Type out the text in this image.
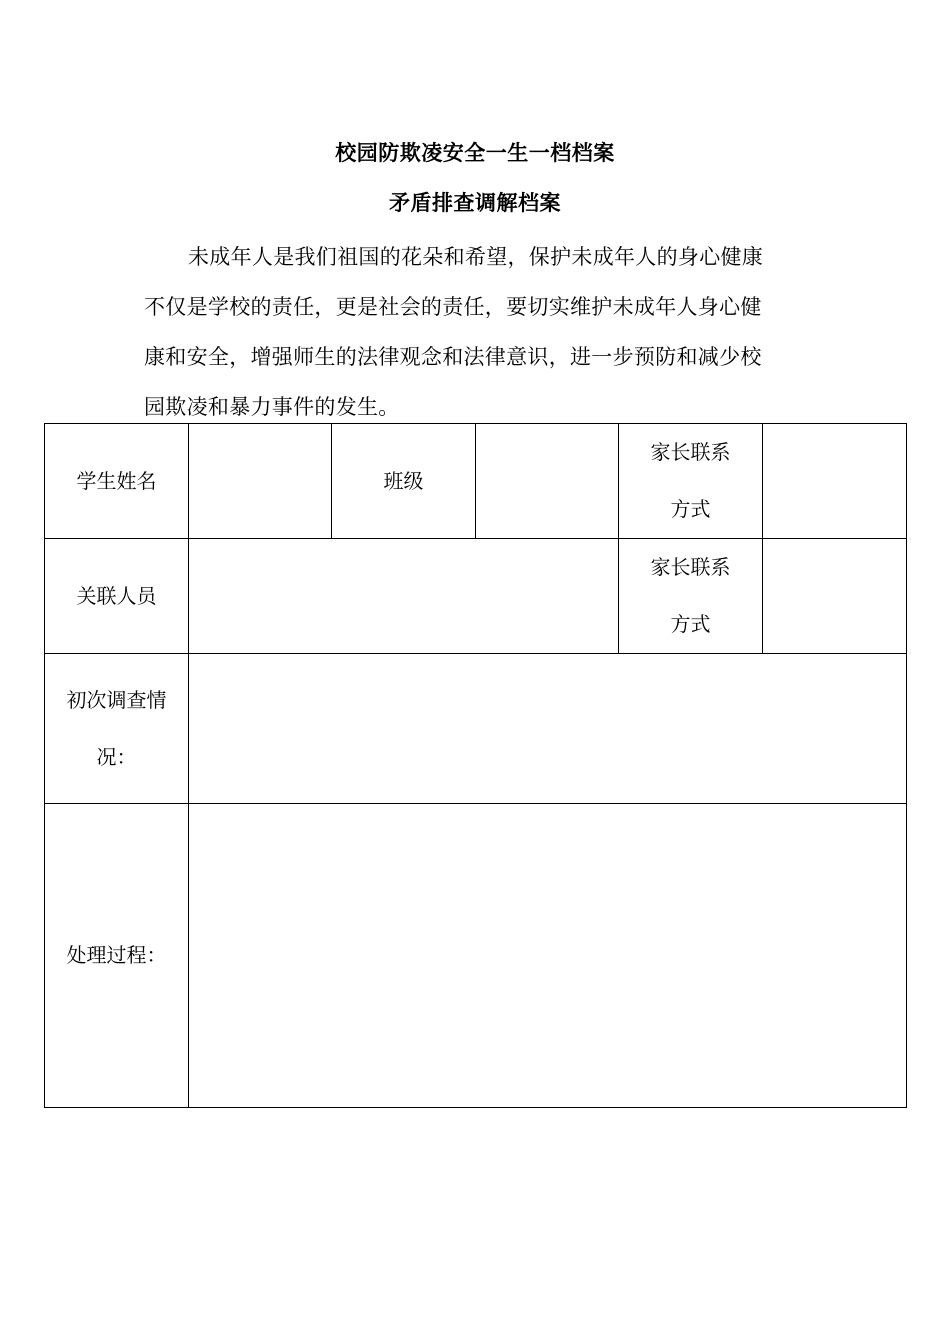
校园防欺凌安全一生一档档案
矛盾排查调解档案
未成年人是我们祖国的花朵和希望，保护未成年人的身心健康
不仅是学校的责任，更是社会的责任，要切实维护未成年人身心健
康和安全，增强师生的法律观念和法律意识，进一步预防和减少校
园欺凌和暴力事件的发生。
学生姓名		班级		家长联系
方式	

关联人员				家长联系
方式	

初次调查情
况：					

处理过程：					
